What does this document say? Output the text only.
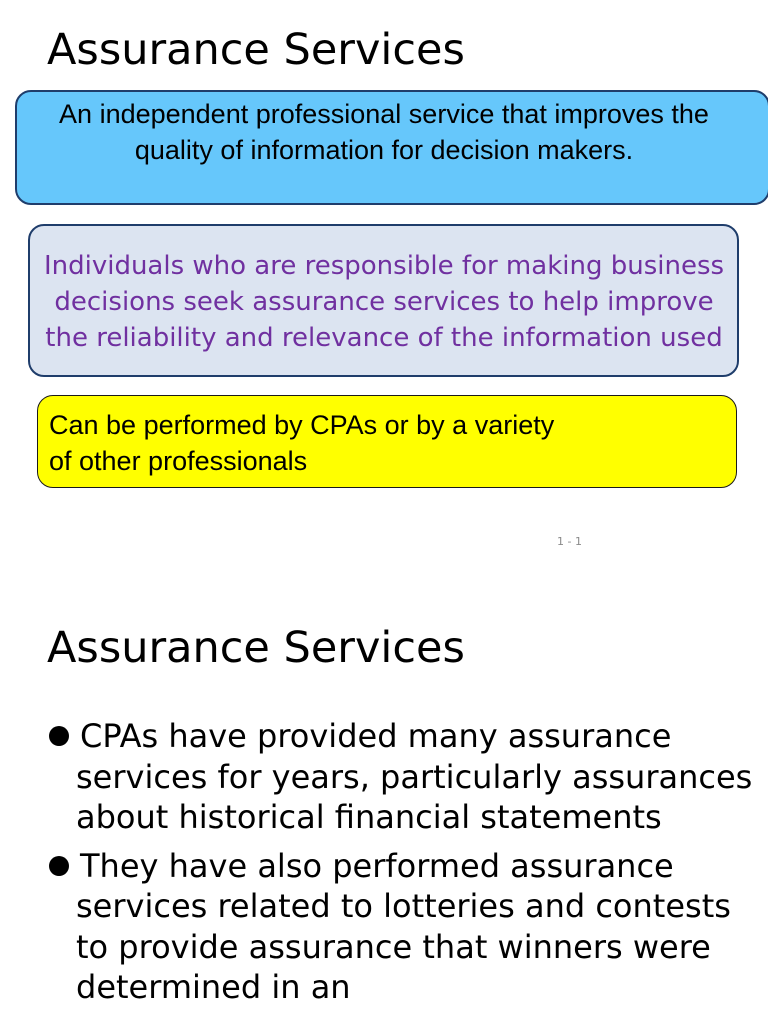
Assurance Services

An independent professional service that improves the
quality of information for decision makers.

Individuals who are responsible for making business
decisions seek assurance services to help improve
the reliability and relevance of the information used

Can be performed by CPAs or by a variety
of other professionals

1 - 1
Assurance Services
CPAs have provided many assurance services for years, particularly assurances about historical financial statements
They have also performed assurance services related to lotteries and contests to provide assurance that winners were determined in an
